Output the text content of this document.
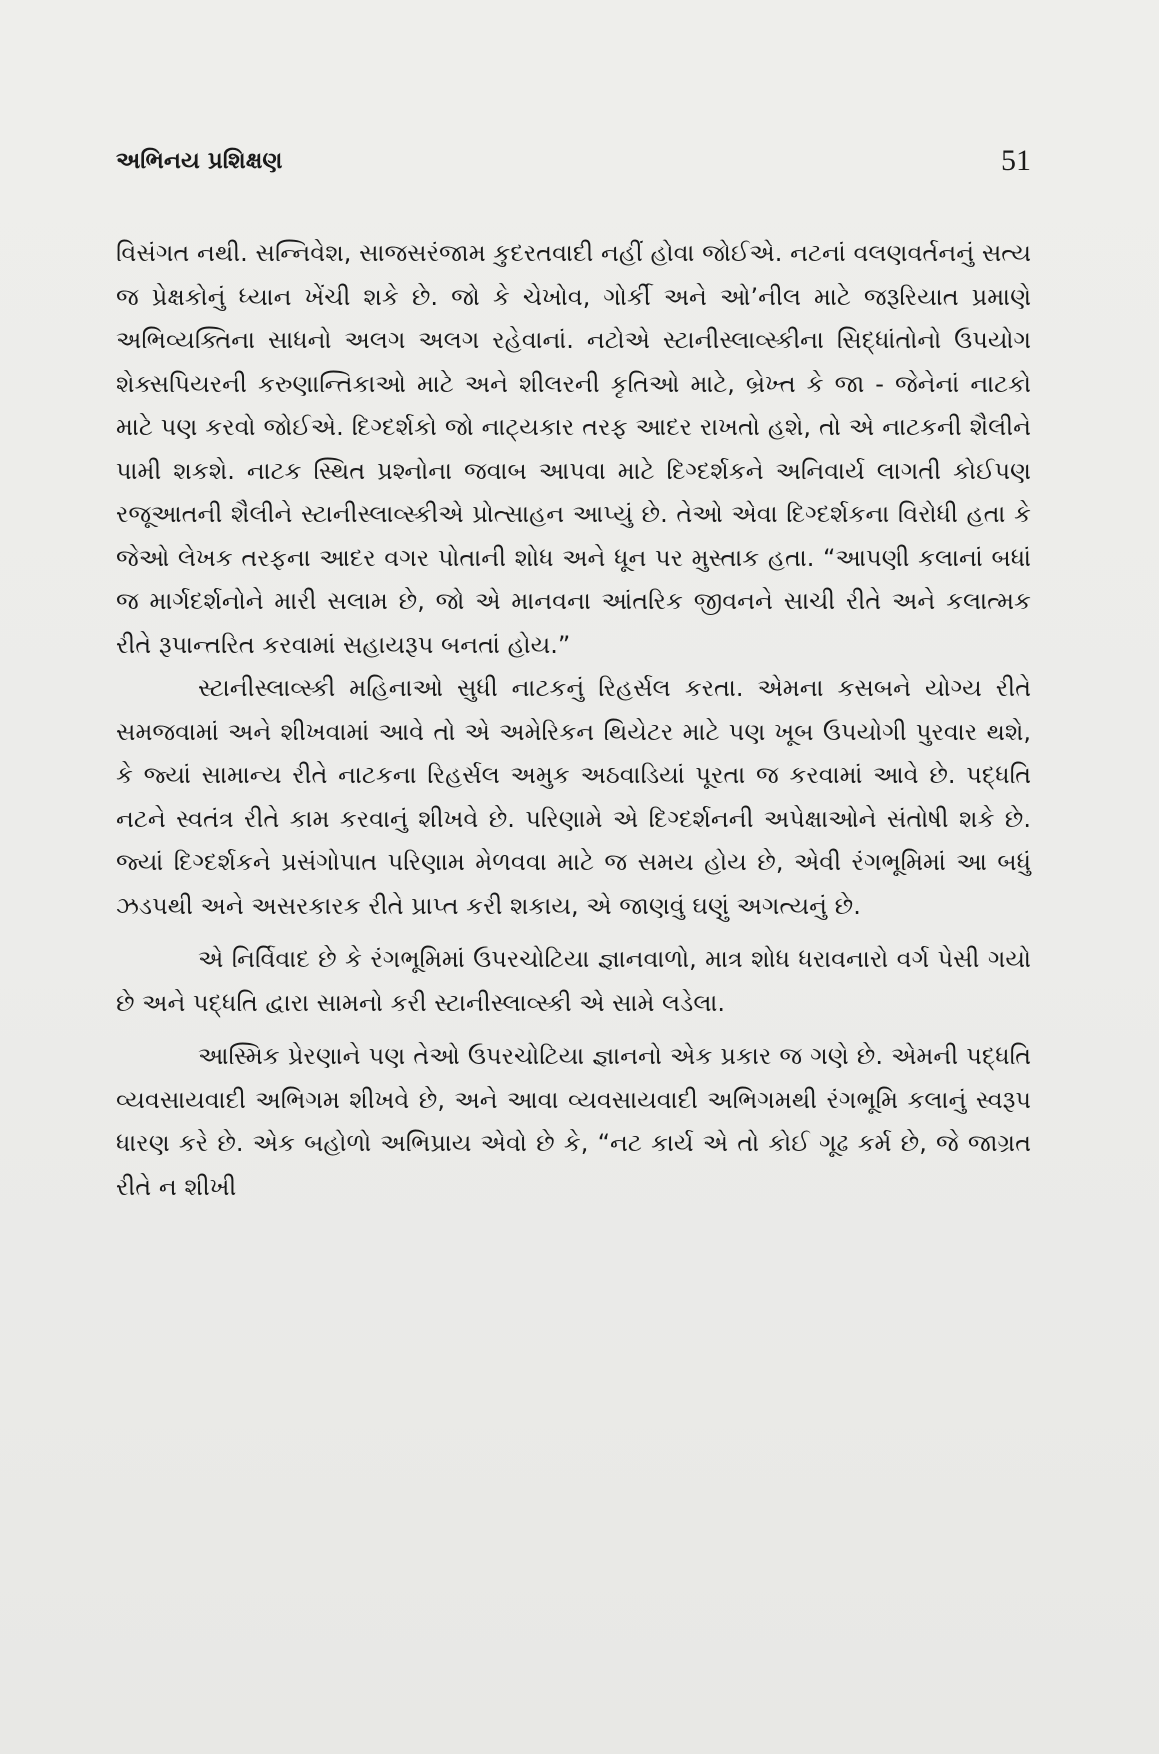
અભિનય પ્રશિક્ષણ	51

વિસંગત નથી. સન્નિવેશ, સાજસરંજામ કુદરતવાદી નહીં હોવા જોઈએ. નટનાં વલણવર્તનનું સત્ય જ પ્રેક્ષકોનું ધ્યાન ખેંચી શકે છે. જો કે ચેખોવ, ગોર્કી અને ઓ’નીલ માટે જરૂરિયાત પ્રમાણે અભિવ્યક્તિના સાધનો અલગ અલગ રહેવાનાં. નટોએ સ્ટાનીસ્લાવ્સ્કીના સિદ્ધાંતોનો ઉપયોગ શેક્સપિયરની કરુણાન્તિકાઓ માટે અને શીલરની કૃતિઓ માટે, બ્રેખ્ત કે જા - જેનેનાં નાટકો માટે પણ કરવો જોઈએ. દિગ્દર્શકો જો નાટ્યકાર તરફ આદર રાખતો હશે, તો એ નાટકની શૈલીને પામી શકશે. નાટક સ્થિત પ્રશ્નોના જવાબ આપવા માટે દિગ્દર્શકને અનિવાર્ય લાગતી કોઈપણ રજૂઆતની શૈલીને સ્ટાનીસ્લાવ્સ્કીએ પ્રોત્સાહન આપ્યું છે. તેઓ એવા દિગ્દર્શકના વિરોધી હતા કે જેઓ લેખક તરફના આદર વગર પોતાની શોધ અને ધૂન પર મુસ્તાક હતા. “આપણી કલાનાં બધાં જ માર્ગદર્શનોને મારી સલામ છે, જો એ માનવના આંતરિક જીવનને સાચી રીતે અને કલાત્મક રીતે રૂપાન્તરિત કરવામાં સહાયરૂપ બનતાં હોય.”

સ્ટાનીસ્લાવ્સ્કી મહિનાઓ સુધી નાટકનું રિહર્સલ કરતા. એમના કસબને યોગ્ય રીતે સમજવામાં અને શીખવામાં આવે તો એ અમેરિકન થિયેટર માટે પણ ખૂબ ઉપયોગી પુરવાર થશે, કે જ્યાં સામાન્ય રીતે નાટકના રિહર્સલ અમુક અઠવાડિયાં પૂરતા જ કરવામાં આવે છે. પદ્ધતિ નટને સ્વતંત્ર રીતે કામ કરવાનું શીખવે છે. પરિણામે એ દિગ્દર્શનની અપેક્ષાઓને સંતોષી શકે છે. જ્યાં દિગ્દર્શકને પ્રસંગોપાત પરિણામ મેળવવા માટે જ સમય હોય છે, એવી રંગભૂમિમાં આ બધું ઝડપથી અને અસરકારક રીતે પ્રાપ્ત કરી શકાય, એ જાણવું ઘણું અગત્યનું છે.

એ નિર્વિવાદ છે કે રંગભૂમિમાં ઉપરચોટિયા જ્ઞાનવાળો, માત્ર શોધ ધરાવનારો વર્ગ પેસી ગયો છે અને પદ્ધતિ દ્વારા સામનો કરી સ્ટાનીસ્લાવ્સ્કી એ સામે લડેલા.

આસ્મિક પ્રેરણાને પણ તેઓ ઉપરચોટિયા જ્ઞાનનો એક પ્રકાર જ ગણે છે. એમની પદ્ધતિ વ્યવસાયવાદી અભિગમ શીખવે છે, અને આવા વ્યવસાયવાદી અભિગમથી રંગભૂમિ કલાનું સ્વરૂપ ધારણ કરે છે. એક બહોળો અભિપ્રાય એવો છે કે, “નટ કાર્ય એ તો કોઈ ગૂઢ કર્મ છે, જે જાગ્રત રીતે ન શીખી
